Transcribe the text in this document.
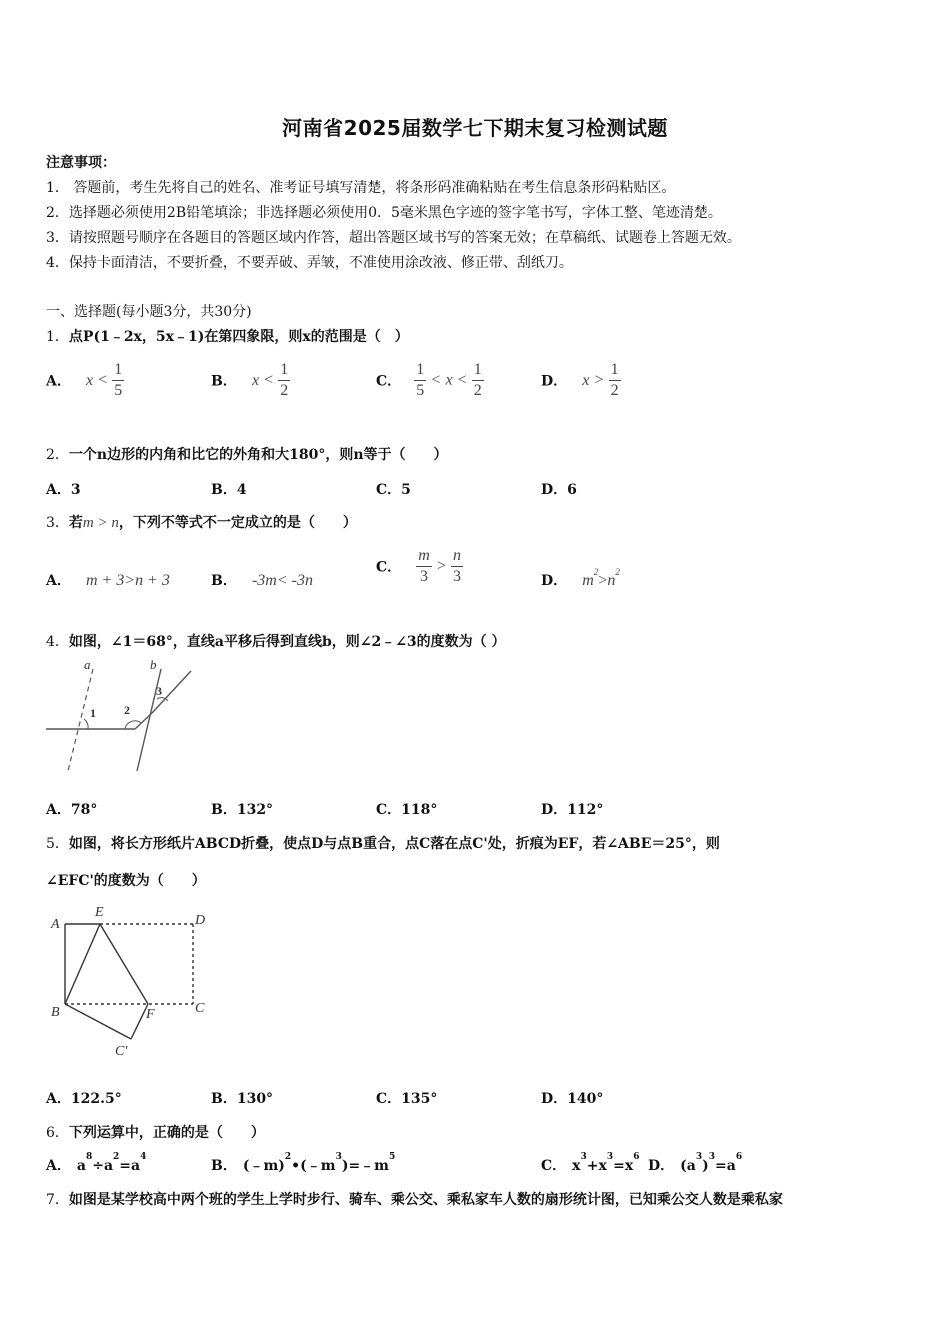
河南省2025届数学七下期末复习检测试题
注意事项：
1． 答题前，考生先将自己的姓名、准考证号填写清楚，将条形码准确粘贴在考生信息条形码粘贴区。
2．选择题必须使用2B铅笔填涂；非选择题必须使用0．5毫米黑色字迹的签字笔书写，字体工整、笔迹清楚。
3．请按照题号顺序在各题目的答题区域内作答，超出答题区域书写的答案无效；在草稿纸、试题卷上答题无效。
4．保持卡面清洁，不要折叠，不要弄破、弄皱，不准使用涂改液、修正带、刮纸刀。
一、选择题(每小题3分，共30分)
1．点P(1﹣2x，5x﹣1)在第四象限，则x的范围是（　）
A． $x < \frac{1}{5}$	B． $x < \frac{1}{2}$	C． $\frac{1}{5} < x < \frac{1}{2}$	D． $x > \frac{1}{2}$
2．一个n边形的内角和比它的外角和大180°，则n等于（　　）
A．3	B．4	C．5	D．6
3．若m > n，下列不等式不一定成立的是（　　）
A． m + 3>n + 3	B． -3m< -3n
C． $\frac{m}{3} > \frac{n}{3}$	D． $m^2>n^2$
4．如图，∠1＝68°，直线a平移后得到直线b，则∠2﹣∠3的度数为（ ）
a	b
1 2
3
A．78°	B．132°	C．118°	D．112°
5．如图，将长方形纸片ABCD折叠，使点D与点B重合，点C落在点C'处，折痕为EF，若∠ABE＝25°，则
∠EFC'的度数为（　　）
A
E
D
B	C
F
C'
A．122.5°	B．130°	C．135°	D．140°
6．下列运算中，正确的是（　　）
A． $a^8\div a^2=a^4$
B． $(﹣m)^2•(﹣m^3)=﹣m^5$
C． $x^3+x^3=x^6$
D． $(a^3)^3=a^6$
7．如图是某学校高中两个班的学生上学时步行、骑车、乘公交、乘私家车人数的扇形统计图，已知乘公交人数是乘私家
